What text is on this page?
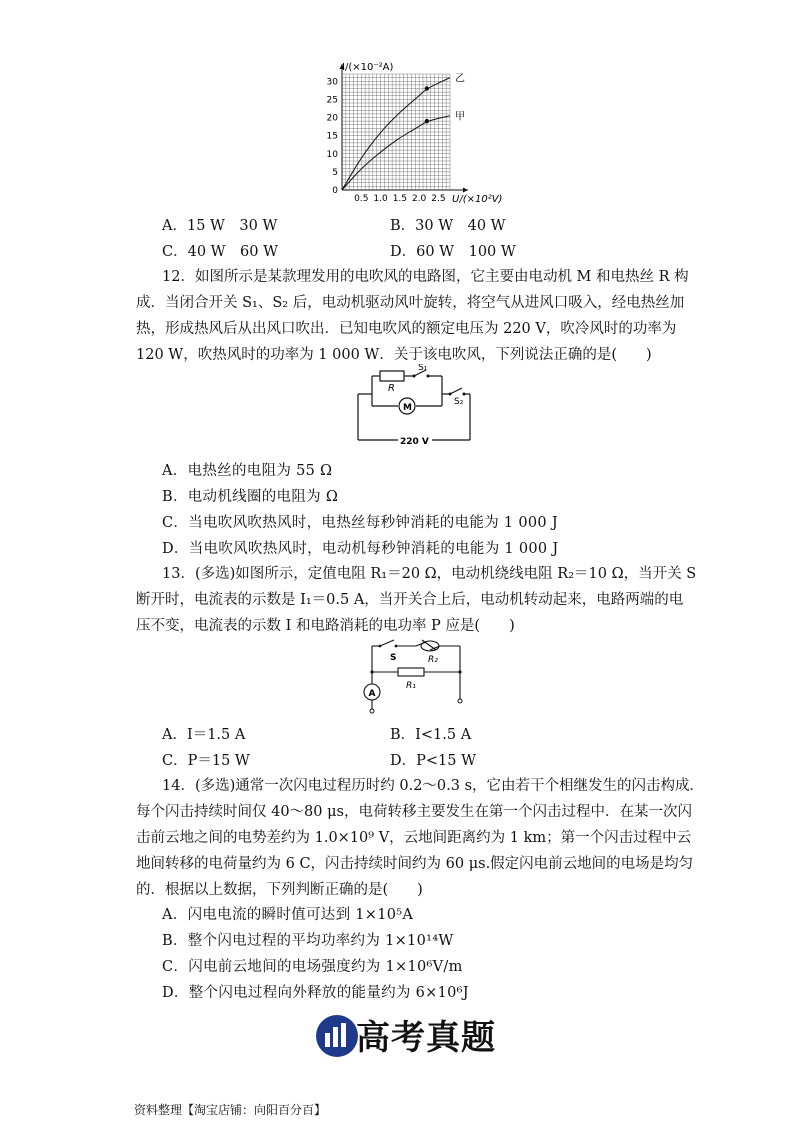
0.5 1.0 1.5 2.0 2.5
0
5
10
15
20
25
30	乙
甲
I/(×10⁻²A)
U/(×10²V)
A．15 W　30 W	B．30 W　40 W
C．40 W　60 W	D．60 W　100 W
12．如图所示是某款理发用的电吹风的电路图，它主要由电动机 M 和电热丝 R 构
成．当闭合开关 S₁、S₂ 后，电动机驱动风叶旋转，将空气从进风口吸入，经电热丝加
热，形成热风后从出风口吹出．已知电吹风的额定电压为 220 V，吹冷风时的功率为
120 W，吹热风时的功率为 1 000 W．关于该电吹风，下列说法正确的是(　　)
R
S₁
M
S₂
220 V
A．电热丝的电阻为 55 Ω
B．电动机线圈的电阻为 Ω
C．当电吹风吹热风时，电热丝每秒钟消耗的电能为 1 000 J
D．当电吹风吹热风时，电动机每秒钟消耗的电能为 1 000 J
13．(多选)如图所示，定值电阻 R₁＝20 Ω，电动机绕线电阻 R₂＝10 Ω，当开关 S
断开时，电流表的示数是 I₁＝0.5 A，当开关合上后，电动机转动起来，电路两端的电
压不变，电流表的示数 I 和电路消耗的电功率 P 应是(　　)
S	R₂
R₁
A
A．I＝1.5 A	B．I<1.5 A
C．P＝15 W	D．P<15 W
14．(多选)通常一次闪电过程历时约 0.2～0.3 s，它由若干个相继发生的闪击构成．
每个闪击持续时间仅 40～80 μs，电荷转移主要发生在第一个闪击过程中．在某一次闪
击前云地之间的电势差约为 1.0×10⁹ V，云地间距离约为 1 km；第一个闪击过程中云
地间转移的电荷量约为 6 C，闪击持续时间约为 60 μs.假定闪电前云地间的电场是均匀
的．根据以上数据，下列判断正确的是(　　)
A．闪电电流的瞬时值可达到 1×10⁵A
B．整个闪电过程的平均功率约为 1×10¹⁴W
C．闪电前云地间的电场强度约为 1×10⁶V/m
D．整个闪电过程向外释放的能量约为 6×10⁶J
高考真题
资料整理【淘宝店铺：向阳百分百】
